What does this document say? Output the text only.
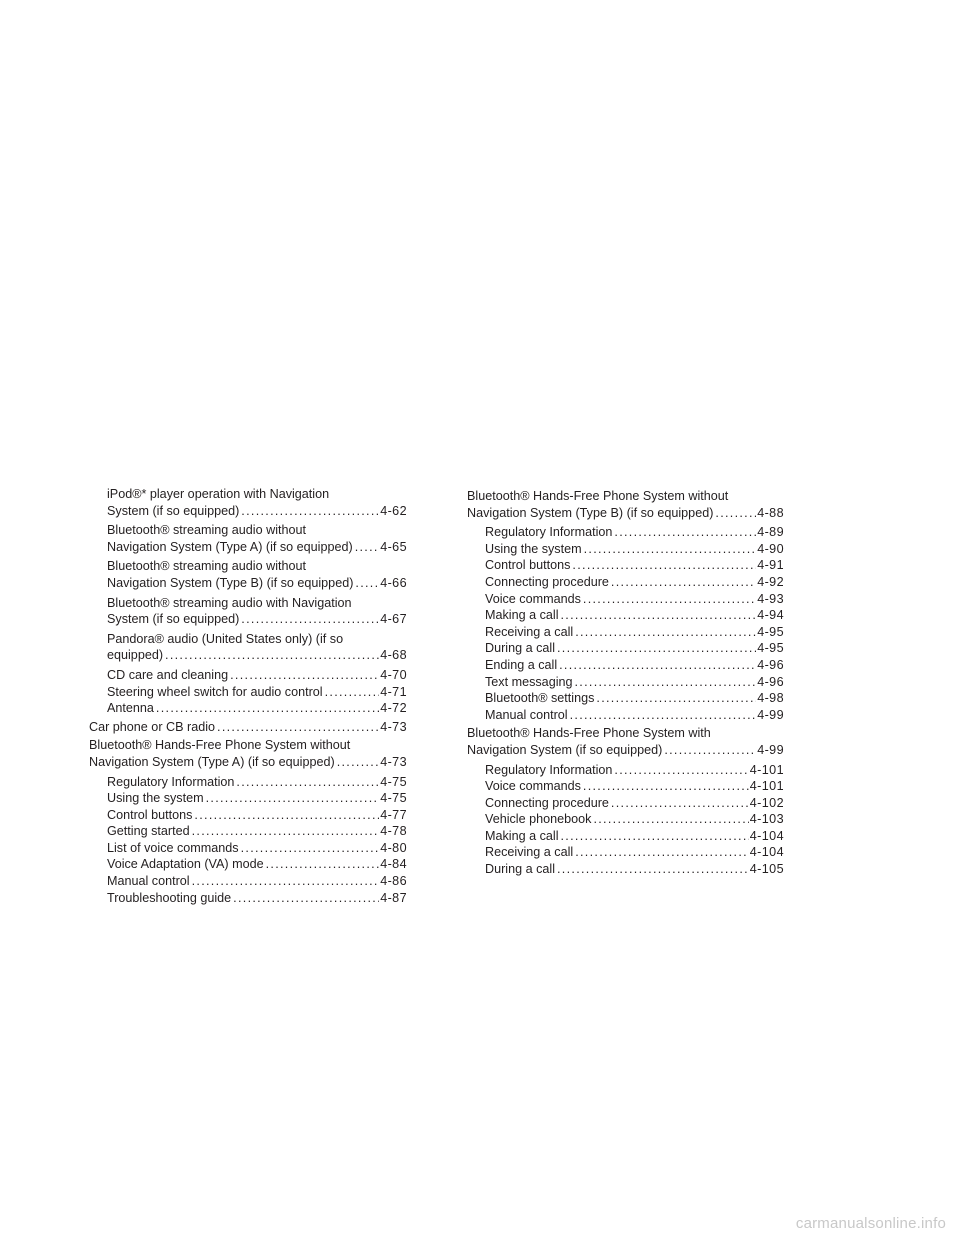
iPod®* player operation with Navigation
System (if so equipped) . . .	4-62
Bluetooth® streaming audio without
Navigation System (Type A) (if so equipped) . . . 4-65
Bluetooth® streaming audio without
Navigation System (Type B) (if so equipped) . . . 4-66
Bluetooth® streaming audio with Navigation
System (if so equipped) . . .	4-67
Pandora® audio (United States only) (if so
equipped) . . .	4-68
CD care and cleaning . . .	4-70
Steering wheel switch for audio control . . .	4-71
Antenna . . .	4-72
Car phone or CB radio . . .	4-73
Bluetooth® Hands-Free Phone System without
Navigation System (Type A) (if so equipped) . . .	4-73
Regulatory Information . . .	4-75
Using the system . . .	4-75
Control buttons . . .	4-77
Getting started . . .	4-78
List of voice commands . . .	4-80
Voice Adaptation (VA) mode . . .	4-84
Manual control . . .	4-86
Troubleshooting guide . . .	4-87
Bluetooth® Hands-Free Phone System without
Navigation System (Type B) (if so equipped) . . .	4-88
Regulatory Information . . .	4-89
Using the system . . .	4-90
Control buttons . . .	4-91
Connecting procedure . . .	4-92
Voice commands . . .	4-93
Making a call . . .	4-94
Receiving a call . . .	4-95
During a call . . .	4-95
Ending a call . . .	4-96
Text messaging . . .	4-96
Bluetooth® settings . . .	4-98
Manual control . . .	4-99
Bluetooth® Hands-Free Phone System with
Navigation System (if so equipped) . . .	4-99
Regulatory Information . . .	4-101
Voice commands . . .	4-101
Connecting procedure . . .	4-102
Vehicle phonebook . . .	4-103
Making a call . . .	4-104
Receiving a call . . .	4-104
During a call . . .	4-105
carmanualsonline.info
